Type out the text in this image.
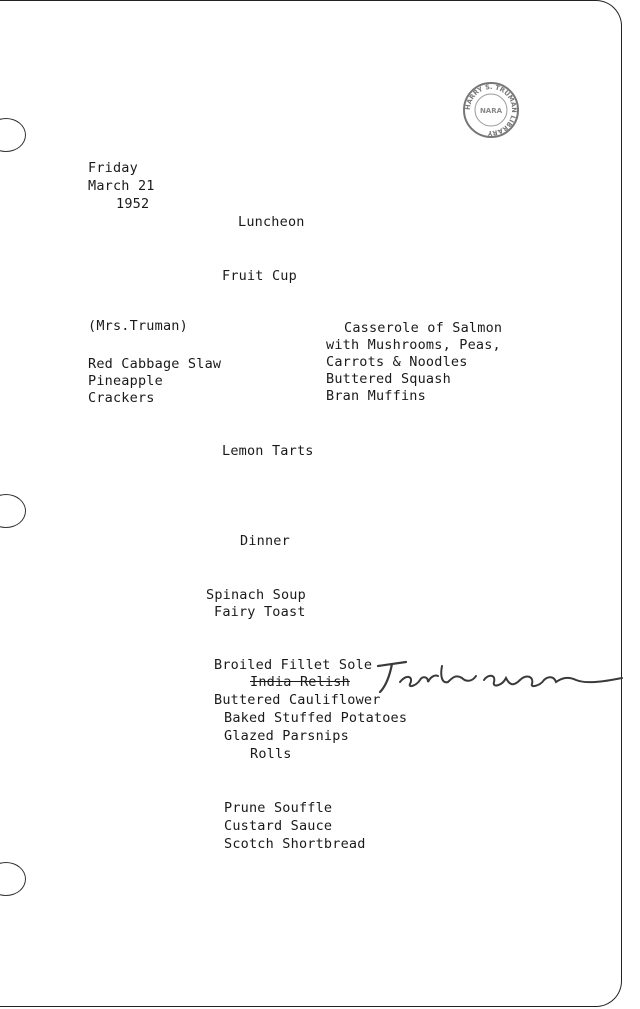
HARRY S. TRUMAN LIBRARY
NARA
Friday
March 21
1952
Luncheon
Fruit Cup
(Mrs.Truman)
Red Cabbage Slaw
Pineapple
Crackers
Casserole of Salmon
with Mushrooms, Peas,
Carrots & Noodles
Buttered Squash
Bran Muffins
Lemon Tarts
Dinner
Spinach Soup
Fairy Toast
Broiled Fillet Sole
India Relish
Buttered Cauliflower
Baked Stuffed Potatoes
Glazed Parsnips
Rolls
Prune Souffle
Custard Sauce
Scotch Shortbread
